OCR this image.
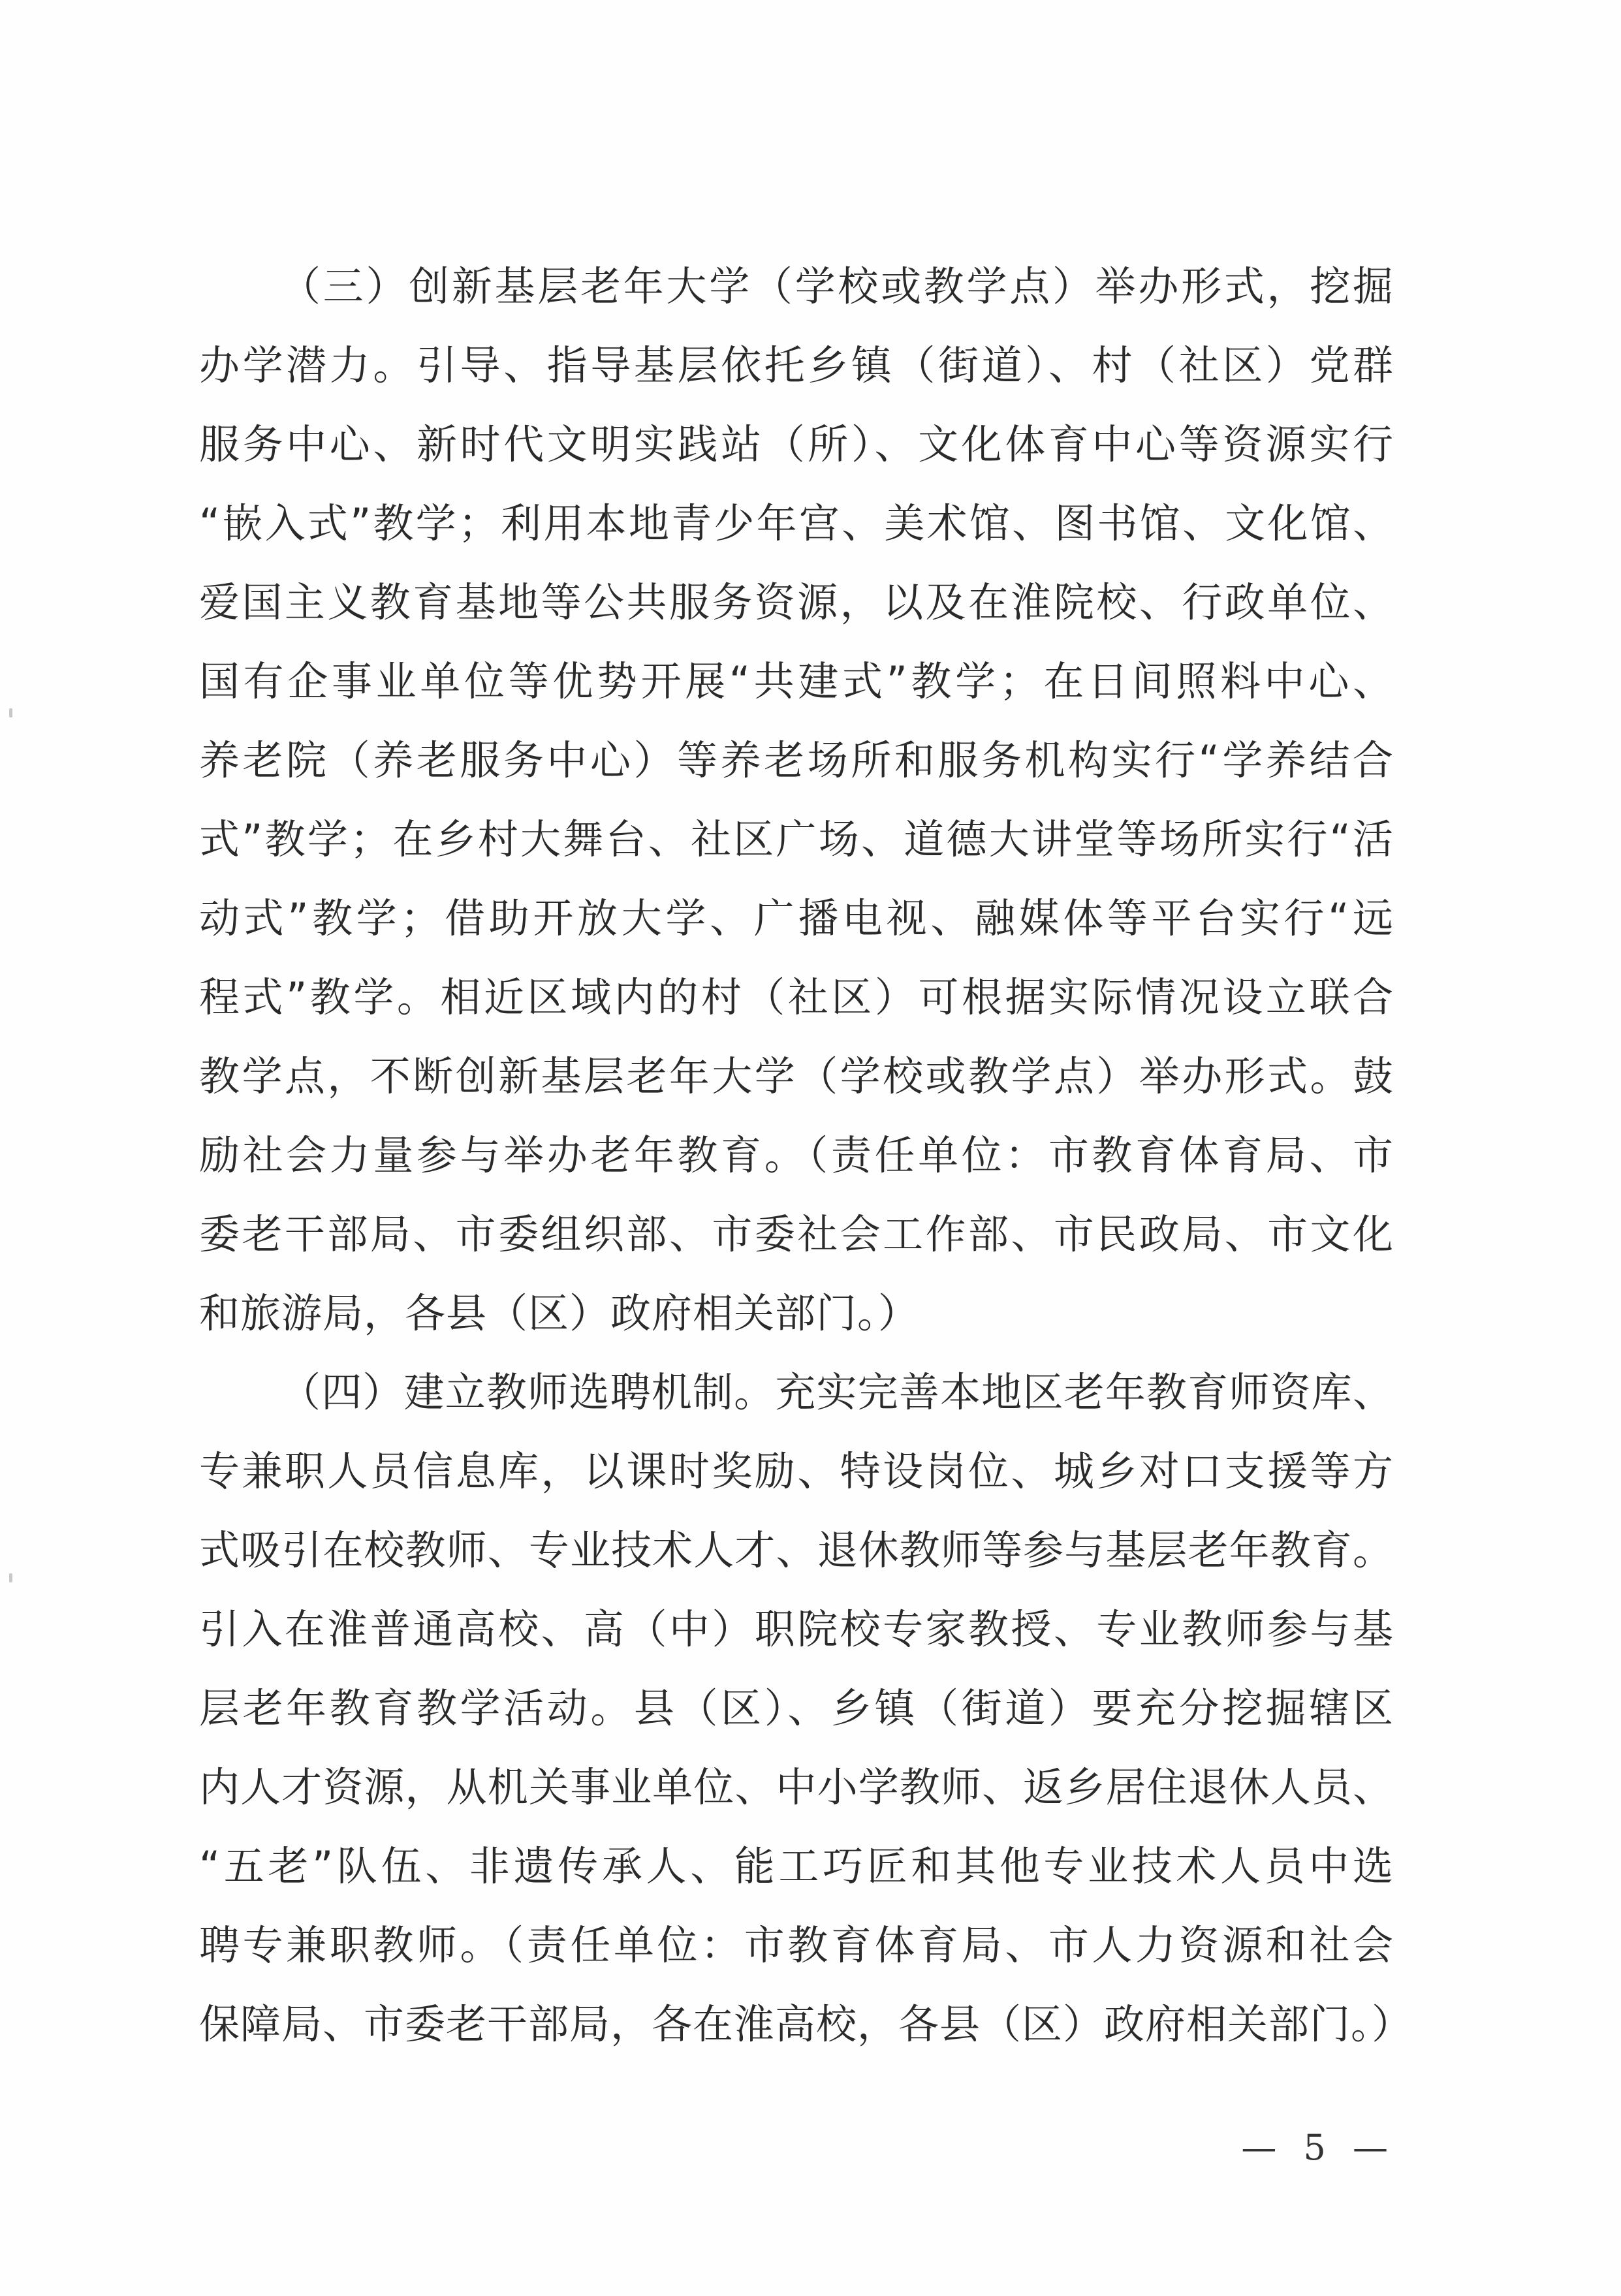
（三）创新基层老年大学（学校或教学点）举办形式，挖掘
办学潜力。引导、指导基层依托乡镇（街道）、村（社区）党群
服务中心、新时代文明实践站（所）、文化体育中心等资源实行
“嵌入式”教学；利用本地青少年宫、美术馆、图书馆、文化馆、
爱国主义教育基地等公共服务资源，以及在淮院校、行政单位、
国有企事业单位等优势开展“共建式”教学；在日间照料中心、
养老院（养老服务中心）等养老场所和服务机构实行“学养结合
式”教学；在乡村大舞台、社区广场、道德大讲堂等场所实行“活
动式”教学；借助开放大学、广播电视、融媒体等平台实行“远
程式”教学。相近区域内的村（社区）可根据实际情况设立联合
教学点，不断创新基层老年大学（学校或教学点）举办形式。鼓
励社会力量参与举办老年教育。（责任单位：市教育体育局、市
委老干部局、市委组织部、市委社会工作部、市民政局、市文化
和旅游局，各县（区）政府相关部门。）
（四）建立教师选聘机制。充实完善本地区老年教育师资库、
专兼职人员信息库，以课时奖励、特设岗位、城乡对口支援等方
式吸引在校教师、专业技术人才、退休教师等参与基层老年教育。
引入在淮普通高校、高（中）职院校专家教授、专业教师参与基
层老年教育教学活动。县（区）、乡镇（街道）要充分挖掘辖区
内人才资源，从机关事业单位、中小学教师、返乡居住退休人员、
“五老”队伍、非遗传承人、能工巧匠和其他专业技术人员中选
聘专兼职教师。（责任单位：市教育体育局、市人力资源和社会
保障局、市委老干部局，各在淮高校，各县（区）政府相关部门。）
— 5 —
